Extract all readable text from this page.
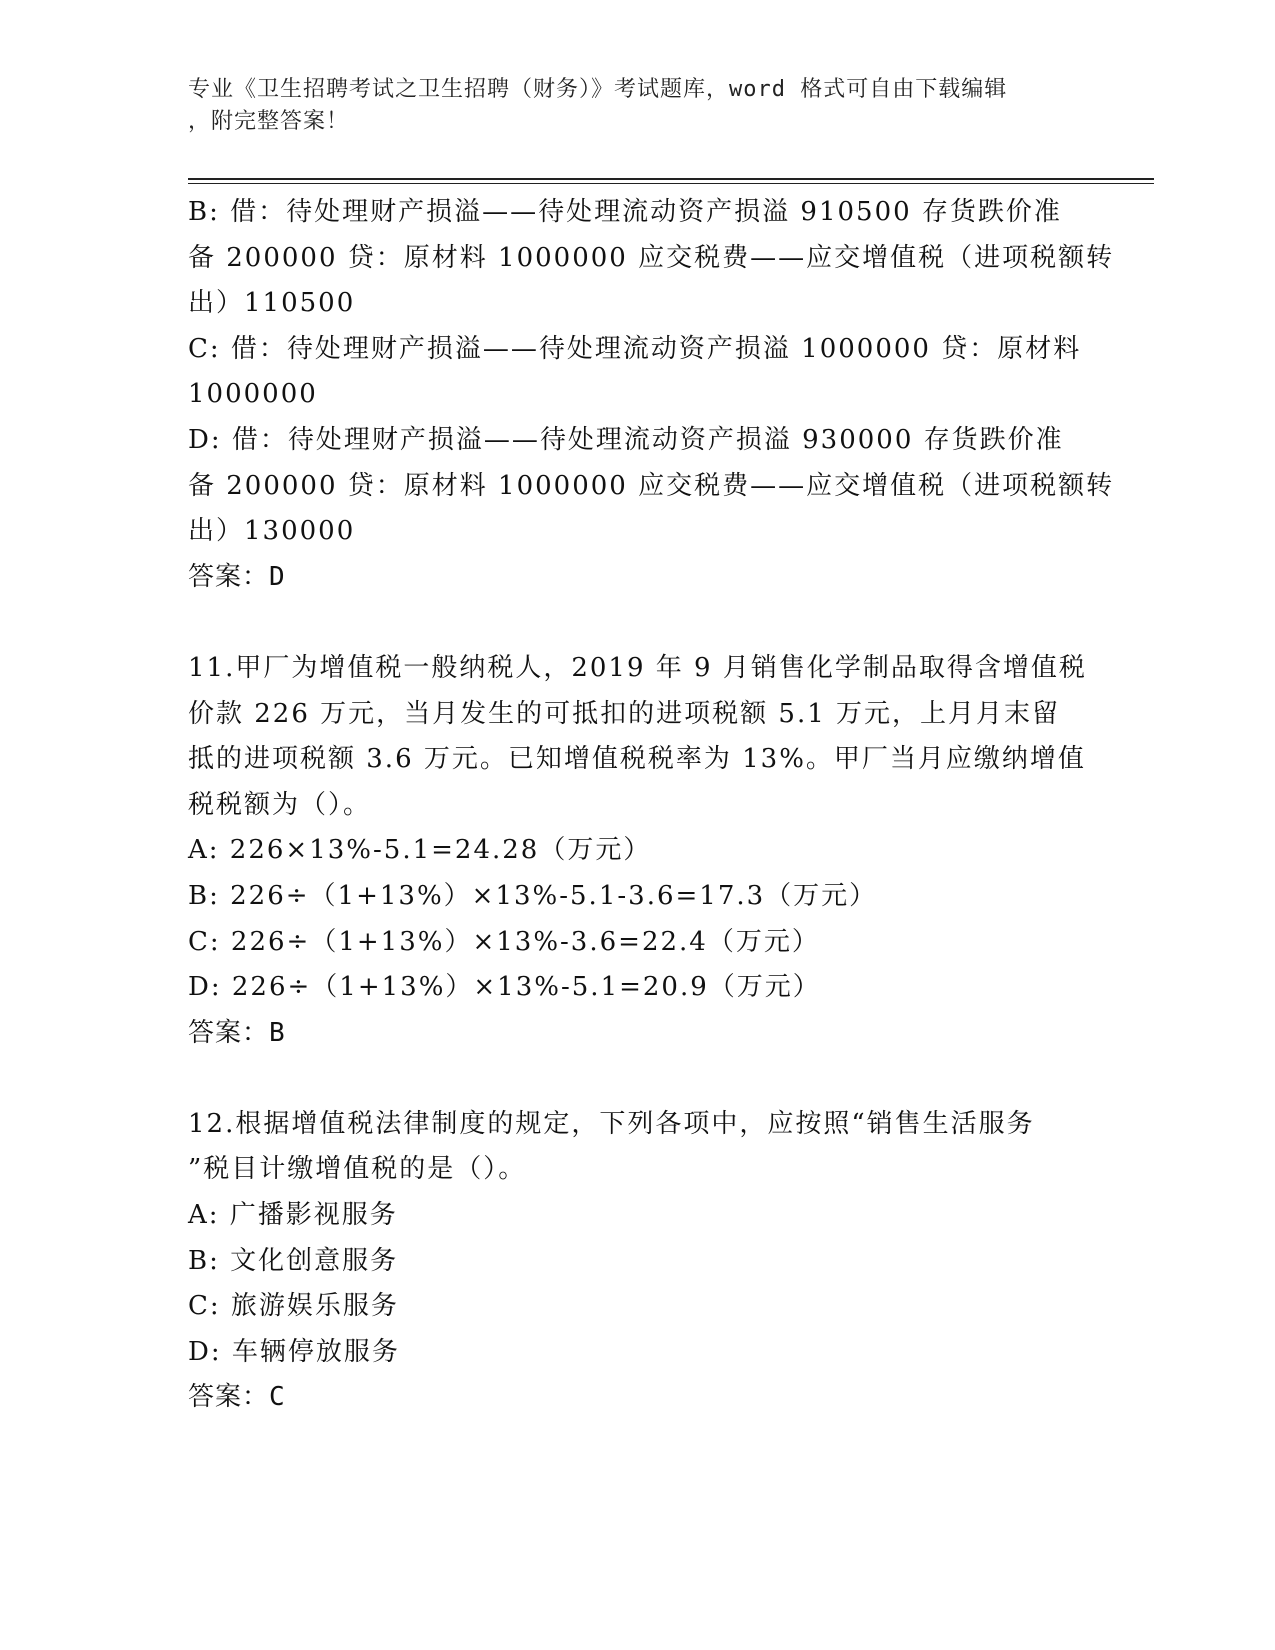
专业《卫生招聘考试之卫生招聘（财务）》考试题库，word 格式可自由下载编辑
，附完整答案！
B: 借：待处理财产损溢——待处理流动资产损溢 910500 存货跌价准
备 200000 贷：原材料 1000000 应交税费——应交增值税（进项税额转
出）110500
C: 借：待处理财产损溢——待处理流动资产损溢 1000000 贷：原材料
1000000
D: 借：待处理财产损溢——待处理流动资产损溢 930000 存货跌价准
备 200000 贷：原材料 1000000 应交税费——应交增值税（进项税额转
出）130000
答案：D
11.甲厂为增值税一般纳税人，2019 年 9 月销售化学制品取得含增值税
价款 226 万元，当月发生的可抵扣的进项税额 5.1 万元，上月月末留
抵的进项税额 3.6 万元。已知增值税税率为 13%。甲厂当月应缴纳增值
税税额为（）。
A: 226×13%-5.1=24.28（万元）
B: 226÷（1+13%）×13%-5.1-3.6=17.3（万元）
C: 226÷（1+13%）×13%-3.6=22.4（万元）
D: 226÷（1+13%）×13%-5.1=20.9（万元）
答案：B
12.根据增值税法律制度的规定，下列各项中，应按照“销售生活服务
”税目计缴增值税的是（）。
A: 广播影视服务
B: 文化创意服务
C: 旅游娱乐服务
D: 车辆停放服务
答案：C
